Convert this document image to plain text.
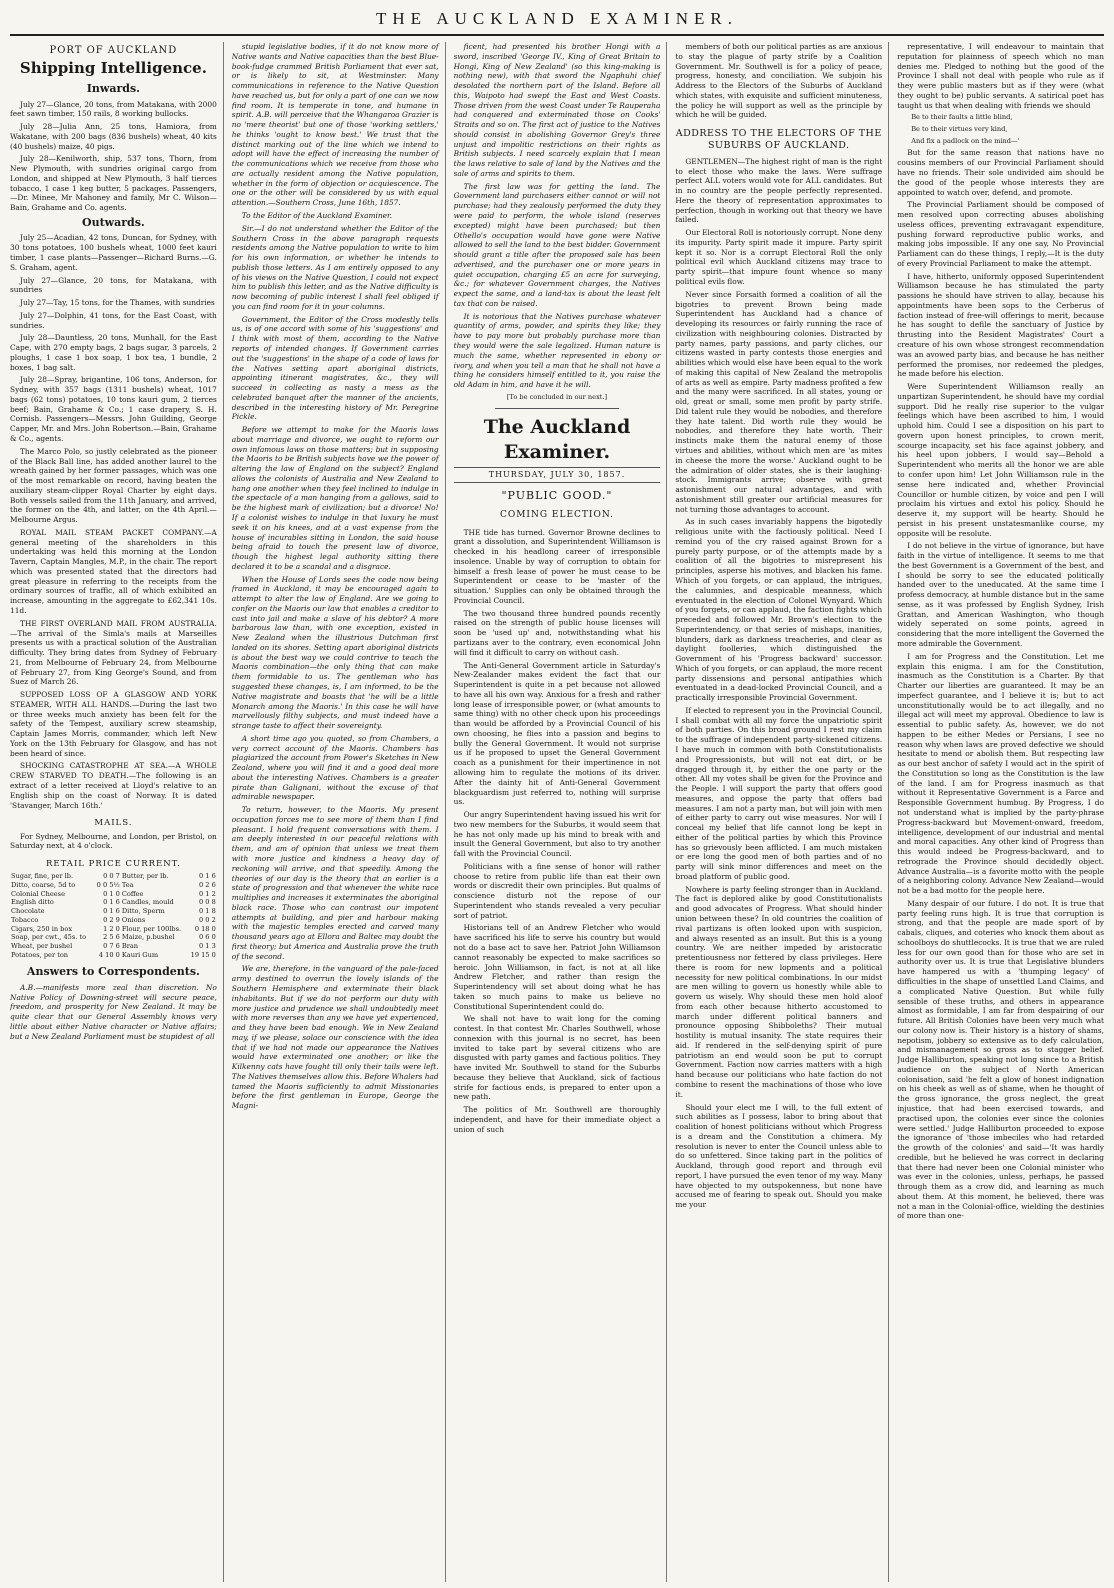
THE AUCKLAND EXAMINER.
PORT OF AUCKLAND
Shipping Intelligence.
Inwards.

July 27—Glance, 20 tons, from Matakana, with 2000 feet sawn timber, 150 rails, 8 working bullocks.

July 28—Julia Ann, 25 tons, Hamiora, from Wakatane, with 200 bags (836 bushels) wheat, 40 kits (40 bushels) maize, 40 pigs.

July 28—Kenilworth, ship, 537 tons, Thorn, from New Plymouth, with sundries original cargo from London, and shipped at New Plymouth, 3 half tierces tobacco, 1 case 1 keg butter, 5 packages. Passengers,—Dr. Minee, Mr Mahoney and family, Mr C. Wilson—Bain, Grahame and Co. agents.

Outwards.

July 25—Acadian, 42 tons, Duncan, for Sydney, with 30 tons potatoes, 100 bushels wheat, 1000 feet kauri timber, 1 case plants—Passenger—Richard Burns.—G. S. Graham, agent.

July 27—Glance, 20 tons, for Matakana, with sundries

July 27—Tay, 15 tons, for the Thames, with sundries

July 27—Dolphin, 41 tons, for the East Coast, with sundries.

July 28—Dauntless, 20 tons, Munhall, for the East Cape, with 270 empty bags, 2 bags sugar, 3 parcels, 2 ploughs, 1 case 1 box soap, 1 box tea, 1 bundle, 2 boxes, 1 bag salt.

July 28—Spray, brigantine, 106 tons, Anderson, for Sydney, with 357 bags (1311 bushels) wheat, 1017 bags (62 tons) potatoes, 10 tons kauri gum, 2 tierces beef; Bain, Grahame & Co.; 1 case drapery, S. H. Cornish. Passengers—Messrs. John Guilding, George Capper, Mr. and Mrs. John Robertson.—Bain, Grahame & Co., agents.

The Marco Polo, so justly celebrated as the pioneer of the Black Ball line, has added another laurel to the wreath gained by her former passages, which was one of the most remarkable on record, having beaten the auxiliary steam-clipper Royal Charter by eight days. Both vessels sailed from the 11th January, and arrived, the former on the 4th, and latter, on the 4th April.—Melbourne Argus.

ROYAL MAIL STEAM PACKET COMPANY.—A general meeting of the shareholders in this undertaking was held this morning at the London Tavern, Captain Mangles, M.P., in the chair. The report which was presented stated that the directors had great pleasure in referring to the receipts from the ordinary sources of traffic, all of which exhibited an increase, amounting in the aggregate to £62,341 10s. 11d.

THE FIRST OVERLAND MAIL FROM AUSTRALIA.—The arrival of the Simla's mails at Marseilles presents us with a practical solution of the Australian difficulty. They bring dates from Sydney of February 21, from Melbourne of February 24, from Melbourne of February 27, from King George's Sound, and from Suez of March 26.

SUPPOSED LOSS OF A GLASGOW AND YORK STEAMER, WITH ALL HANDS.—During the last two or three weeks much anxiety has been felt for the safety of the Tempest, auxiliary screw steamship, Captain James Morris, commander, which left New York on the 13th February for Glasgow, and has not been heard of since.

SHOCKING CATASTROPHE AT SEA.—A WHOLE CREW STARVED TO DEATH.—The following is an extract of a letter received at Lloyd's relative to an English ship on the coast of Norway. It is dated 'Stavanger, March 16th.'

MAILS.

For Sydney, Melbourne, and London, per Bristol, on Saturday next, at 4 o'clock.

RETAIL PRICE CURRENT.
Sugar, fine, per lb.	0 0 7	Butter, per lb.	0 1 6
Ditto, coarse, 5d to	0 0 5½	Tea	0 2 6
Colonial Cheese	0 1 0	Coffee	0 1 2
English ditto	0 1 6	Candles, mould	0 0 8
Chocolate	0 1 6	Ditto, Sperm	0 1 8
Tobacco	0 2 9	Onions	0 0 2
Cigars, 250 in box	1 2 0	Flour, per 100lbs.	0 18 0
Soap, per cwt., 45s. to	2 5 6	Maize, p.bushel	0 6 0
Wheat, per bushel	0 7 6	Bran	0 1 3
Potatoes, per ton	4 10 0	Kauri Gum	19 15 0
Answers to Correspondents.

A.B.—manifests more zeal than discretion. No Native Policy of Downing-street will secure peace, freedom, and prosperity for New Zealand. It may be quite clear that our General Assembly knows very little about either Native character or Native affairs; but a New Zealand Parliament must be stupidest of all

stupid legislative bodies, if it do not know more of Native wants and Native capacities than the best Blue-book-fudge crammed British Parliament that ever sat, or is likely to sit, at Westminster. Many communications in reference to the Native Question have reached us, but for only a part of one can we now find room. It is temperate in tone, and humane in spirit. A.B. will perceive that the Whangaroa Grazier is no 'mere theorist' but one of those 'working settlers,' he thinks 'ought to know best.' We trust that the distinct marking out of the line which we intend to adopt will have the effect of increasing the number of the communications which we receive from those who are actually resident among the Native population, whether in the form of objection or acquiescence. The one or the other will be considered by us with equal attention.—Southern Cross, June 16th, 1857.

To the Editor of the Auckland Examiner.

Sir.—I do not understand whether the Editor of the Southern Cross in the above paragraph requests residents among the Native population to write to him for his own information, or whether he intends to publish those letters. As I am entirely opposed to any of his views on the Native Question, I could not expect him to publish this letter, and as the Native difficulty is now becoming of public interest I shall feel obliged if you can find room for it in your columns.

Government, the Editor of the Cross modestly tells us, is of one accord with some of his 'suggestions' and I think with most of them, according to the Native reports of intended changes. If Government carries out the 'suggestions' in the shape of a code of laws for the Natives setting apart aboriginal districts, appointing itinerant magistrates, &c., they will succeed in collecting as nasty a mess as the celebrated banquet after the manner of the ancients, described in the interesting history of Mr. Peregrine Pickle.

Before we attempt to make for the Maoris laws about marriage and divorce, we ought to reform our own infamous laws on those matters; but in supposing the Maoris to be British subjects have we the power of altering the law of England on the subject? England allows the colonists of Australia and New Zealand to hang one another when they feel inclined to indulge in the spectacle of a man hanging from a gallows, said to be the highest mark of civilization; but a divorce! No! If a colonist wishes to indulge in that luxury he must seek it on his knees, and at a vast expense from the house of incurables sitting in London, the said house being afraid to touch the present law of divorce, though the highest legal authority sitting there declared it to be a scandal and a disgrace.

When the House of Lords sees the code now being framed in Auckland, it may be encouraged again to attempt to alter the law of England. Are we going to confer on the Maoris our law that enables a creditor to cast into jail and make a slave of his debtor? A more barbarous law than, with one exception, existed in New Zealand when the illustrious Dutchman first landed on its shores. Setting apart aboriginal districts is about the best way we could contrive to teach the Maoris combination—the only thing that can make them formidable to us. The gentleman who has suggested these changes, is, I am informed, to be the Native magistrate and boasts that 'he will be a little Monarch among the Maoris.' In this case he will have marvellously filthy subjects, and must indeed have a strange taste to affect their sovereignty.

A short time ago you quoted, so from Chambers, a very correct account of the Maoris. Chambers has plagiarized the account from Power's Sketches in New Zealand, where you will find it and a good deal more about the interesting Natives. Chambers is a greater pirate than Galignani, without the excuse of that admirable newspaper.

To return, however, to the Maoris. My present occupation forces me to see more of them than I find pleasant. I hold frequent conversations with them. I am deeply interested in our peaceful relations with them, and am of opinion that unless we treat them with more justice and kindness a heavy day of reckoning will arrive, and that speedily. Among the theories of our day is the theory that an earlier is a state of progression and that whenever the white race multiplies and increases it exterminates the aboriginal black race. Those who can contrast our impotent attempts at building, and pier and harbour making with the majestic temples erected and carved many thousand years ago at Ellora and Baltec may doubt the first theory; but America and Australia prove the truth of the second.

We are, therefore, in the vanguard of the pale-faced army destined to overrun the lovely islands of the Southern Hemisphere and exterminate their black inhabitants. But if we do not perform our duty with more justice and prudence we shall undoubtedly meet with more reverses than any we have yet experienced, and they have been bad enough. We in New Zealand may, if we please, solace our conscience with the idea that if we had not made our appearance the Natives would have exterminated one another; or like the Kilkenny cats have fought till only their tails were left. The Natives themselves allow this. Before Whalers had tamed the Maoris sufficiently to admit Missionaries before the first gentleman in Europe, George the Magni-

ficent, had presented his brother Hongi with a sword, inscribed 'George IV., King of Great Britain to Hongi, King of New Zealand' (so this king-making is nothing new), with that sword the Ngaphuhi chief desolated the northern part of the Island. Before all this, Waipoto had swept the East and West Coasts. Those driven from the west Coast under Te Rauperaha had conquered and exterminated those on Cooks' Straits and so on. The first act of justice to the Natives should consist in abolishing Governor Grey's three unjust and impolitic restrictions on their rights as British subjects. I need scarcely explain that I mean the laws relative to sale of land by the Natives and the sale of arms and spirits to them.

The first law was for getting the land. The Government land purchasers either cannot or will not purchase; had they zealously performed the duty they were paid to perform, the whole island (reserves excepted) might have been purchased; but then Othello's occupation would have gone were Native allowed to sell the land to the best bidder. Government should grant a title after the proposed sale has been advertised, and the purchaser one or more years in quiet occupation, charging £5 an acre for surveying, &c.; for whatever Government charges, the Natives expect the same, and a land-tax is about the least felt tax that can be raised.

It is notorious that the Natives purchase whatever quantity of arms, powder, and spirits they like; they have to pay more but probably purchase more than they would were the sale legalized. Human nature is much the same, whether represented in ebony or ivory, and when you tell a man that he shall not have a thing he considers himself entitled to it, you raise the old Adam in him, and have it he will.

[To be concluded in our next.]
The Auckland Examiner.
THURSDAY, JULY 30, 1857.
"PUBLIC GOOD."
COMING ELECTION.

THE tide has turned. Governor Browne declines to grant a dissolution, and Superintendent Williamson is checked in his headlong career of irresponsible insolence. Unable by way of corruption to obtain for himself a fresh lease of power he must cease to be Superintendent or cease to be 'master of the situation.' Supplies can only be obtained through the Provincial Council.

The two thousand three hundred pounds recently raised on the strength of public house licenses will soon be 'used up' and, notwithstanding what his partizans aver to the contrary, even economical John will find it difficult to carry on without cash.

The Anti-General Government article in Saturday's New-Zealander makes evident the fact that our Superintendent is quite in a pet because not allowed to have all his own way. Anxious for a fresh and rather long lease of irresponsible power, or (what amounts to same thing) with no other check upon his proceedings than would be afforded by a Provincial Council of his own choosing, he flies into a passion and begins to bully the General Government. It would not surprise us if he proposed to upset the General Government coach as a punishment for their impertinence in not allowing him to regulate the motions of its driver. After the dainty hit of Anti-General Government blackguardism just referred to, nothing will surprise us.

Our angry Superintendent having issued his writ for two new members for the Suburbs, it would seem that he has not only made up his mind to break with and insult the General Government, but also to try another fall with the Provincial Council.

Politicians with a fine sense of honor will rather choose to retire from public life than eat their own words or discredit their own principles. But qualms of conscience disturb not the repose of our Superintendent who stands revealed a very peculiar sort of patriot.

Historians tell of an Andrew Fletcher who would have sacrificed his life to serve his country but would not do a base act to save her. Patriot John Williamson cannot reasonably be expected to make sacrifices so heroic. John Williamson, in fact, is not at all like Andrew Fletcher, and rather than resign the Superintendency will set about doing what he has taken so much pains to make us believe no Constitutional Superintendent could do.

We shall not have to wait long for the coming contest. In that contest Mr. Charles Southwell, whose connexion with this journal is no secret, has been invited to take part by several citizens who are disgusted with party games and factious politics. They have invited Mr. Southwell to stand for the Suburbs because they believe that Auckland, sick of factious strife for factious ends, is prepared to enter upon a new path.

The politics of Mr. Southwell are thoroughly independent, and have for their immediate object a union of such

members of both our political parties as are anxious to stay the plague of party strife by a Coalition Government. Mr. Southwell is for a policy of peace, progress, honesty, and conciliation. We subjoin his Address to the Electors of the Suburbs of Auckland which states, with exquisite and sufficient minuteness, the policy he will support as well as the principle by which he will be guided.

ADDRESS TO THE ELECTORS OF THE SUBURBS OF AUCKLAND.

GENTLEMEN—The highest right of man is the right to elect those who make the laws. Were suffrage perfect ALL voters would vote for ALL candidates. But in no country are the people perfectly represented. Here the theory of representation approximates to perfection, though in working out that theory we have failed.

Our Electoral Roll is notoriously corrupt. None deny its impurity. Party spirit made it impure. Party spirit kept it so. Nor is a corrupt Electoral Roll the only political evil which Auckland citizens may trace to party spirit—that impure fount whence so many political evils flow.

Never since Forsaith formed a coalition of all the bigotries to prevent Brown being made Superintendent has Auckland had a chance of developing its resources or fairly running the race of civilization with neighbouring colonies. Distracted by party names, party passions, and party cliches, our citizens wasted in party contests those energies and abilities which would else have been equal to the work of making this capital of New Zealand the metropolis of arts as well as empire. Party madness profited a few and the many were sacrificed. In all states, young or old, great or small, some men profit by party strife. Did talent rule they would be nobodies, and therefore they hate talent. Did worth rule they would be nobodies, and therefore they hate worth. Their instincts make them the natural enemy of those virtues and abilities, without which men are 'as mites in cheese the more the worse.' Auckland ought to be the admiration of older states, she is their laughing-stock. Immigrants arrive; observe with great astonishment our natural advantages, and with astonishment still greater our artificial measures for not turning those advantages to account.

As in such cases invariably happens the bigotedly religious unite with the factiously political. Need I remind you of the cry raised against Brown for a purely party purpose, or of the attempts made by a coalition of all the bigotries to misrepresent his principles, asperse his motives, and blacken his fame. Which of you forgets, or can applaud, the intrigues, the calumnies, and despicable meanness, which eventuated in the election of Colonel Wynyard. Which of you forgets, or can applaud, the faction fights which preceded and followed Mr. Brown's election to the Superintendency, or that series of mishaps, inanities, blunders, dark as darkness treacheries, and clear as daylight foolleries, which distinguished the Government of his 'Progress backward' successor. Which of you forgets, or can applaud, the more recent party dissensions and personal antipathies which eventuated in a dead-locked Provincial Council, and a practically irresponsible Provincial Government.

If elected to represent you in the Provincial Council, I shall combat with all my force the unpatriotic spirit of both parties. On this broad ground I rest my claim to the suffrage of independent party-sickened citizens. I have much in common with both Constitutionalists and Progressionists, but will not eat dirt, or be dragged through it, by either the one party or the other. All my votes shall be given for the Province and the People. I will support the party that offers good measures, and oppose the party that offers bad measures. I am not a party man, but will join with men of either party to carry out wise measures. Nor will I conceal my belief that life cannot long be kept in either of the political parties by which this Province has so grievously been afflicted. I am much mistaken or ere long the good men of both parties and of no party will sink minor differences and meet on the broad platform of public good.

Nowhere is party feeling stronger than in Auckland. The fact is deplored alike by good Constitutionalists and good advocates of Progress. What should hinder union between these? In old countries the coalition of rival partizans is often looked upon with suspicion, and always resented as an insult. But this is a young country. We are neither impeded by aristocratic pretentiousness nor fettered by class privileges. Here there is room for new lopments and a political necessity for new political combinations. In our midst are men willing to govern us honestly while able to govern us wisely. Why should these men hold aloof from each other because hitherto accustomed to march under different political banners and pronounce opposing Shibboleths? Their mutual hostility is mutual insanity. The state requires their aid. If rendered in the self-denying spirit of pure patriotism an end would soon be put to corrupt Government. Faction now carries matters with a high hand because our politicians who hate faction do not combine to resent the machinations of those who love it.

Should your elect me I will, to the full extent of such abilities as I possess, labor to bring about that coalition of honest politicians without which Progress is a dream and the Constitution a chimera. My resolution is never to enter the Council unless able to do so unfettered. Since taking part in the politics of Auckland, through good report and through evil report, I have pursued the even tenor of my way. Many have objected to my outspokenness, but none have accused me of fearing to speak out. Should you make me your

representative, I will endeavour to maintain that reputation for plainness of speech which no man denies me. Pledged to nothing but the good of the Province I shall not deal with people who rule as if they were public masters but as if they were (what they ought to be) public servants. A satirical poet has taught us that when dealing with friends we should

Be to their faults a little blind,

Be to their virtues very kind,

And fix a padlock on the mind—'

But for the same reason that nations have no cousins members of our Provincial Parliament should have no friends. Their sole undivided aim should be the good of the people whose interests they are appointed to watch over, defend, and promote.

The Provincial Parliament should be composed of men resolved upon correcting abuses abolishing useless offices, preventing extravagant expenditure, pushing forward reproductive public works, and making jobs impossible. If any one say, No Provincial Parliament can do these things, I reply,—It is the duty of every Provincial Parliament to make the attempt.

I have, hitherto, uniformly opposed Superintendent Williamson because he has stimulated the party passions he should have striven to allay, because his appointments have been sops to the Cerberus of faction instead of free-will offerings to merit, because he has sought to defile the sanctuary of Justice by thrusting into the Resident Magistrates' Court a creature of his own whose strongest recommendation was an avowed party bias, and because he has neither performed the promises, nor redeemed the pledges, he made before his election.

Were Superintendent Williamson really an unpartizan Superintendent, he should have my cordial support. Did he really rise superior to the vulgar feelings which have been ascribed to him, I would uphold him. Could I see a disposition on his part to govern upon honest principles, to crown merit, scourge incapacity, set his face against jobbery, and his heel upon jobbers, I would say—Behold a Superintendent who merits all the honor we are able to confer upon him! Let John Williamson rule in the sense here indicated and, whether Provincial Councillor or humble citizen, by voice and pen I will proclaim his virtues and extol his policy. Should he deserve it, my support will be hearty. Should he persist in his present unstatesmanlike course, my opposite will be resolute.

I do not believe in the virtue of ignorance, but have faith in the virtue of intelligence. It seems to me that the best Government is a Government of the best, and I should be sorry to see the educated politically handed over to the uneducated. At the same time I profess democracy, at humble distance but in the same sense, as it was professed by English Sydney, Irish Grattan, and American Washington, who though widely seperated on some points, agreed in considering that the more intelligent the Governed the more admirable the Government.

I am for Progress and the Constitution. Let me explain this enigma. I am for the Constitution, inasmuch as the Constitution is a Charter. By that Charter our liberties are guaranteed. It may be an imperfect guarantee, and I believe it is; but to act unconstitutionally would be to act illegally, and no illegal act will meet my approval. Obedience to law is essential to public safety. As, however, we do not happen to be either Medes or Persians, I see no reason why when laws are proved defective we should hesitate to mend or abolish them. But respecting law as our best anchor of safety I would act in the spirit of the Constitution so long as the Constitution is the law of the land. I am for Progress inasmuch as that without it Representative Government is a Farce and Responsible Government humbug. By Progress, I do not understand what is implied by the party-phrase Progress-backward but Movement-onward, freedom, intelligence, development of our industrial and mental and moral capacities. Any other kind of Progress than this would indeed be Progress-backward, and to retrograde the Province should decidedly object. Advance Australia—is a favorite motto with the people of a neighboring colony. Advance New Zealand—would not be a bad motto for the people here.

Many despair of our future. I do not. It is true that party feeling runs high. It is true that corruption is strong, and that the people are made sport of by cabals, cliques, and coteries who knock them about as schoolboys do shuttlecocks. It is true that we are ruled less for our own good than for those who are set in authority over us. It is true that Legislative blunders have hampered us with a 'thumping legacy' of difficulties in the shape of unsettled Land Claims, and a complicated Native Question. But while fully sensible of these truths, and others in appearance almost as formidable, I am far from despairing of our future. All British Colonies have been very much what our colony now is. Their history is a history of shams, nepotism, jobbery so extensive as to defy calculation, and mismanagement so gross as to stagger belief. Judge Halliburton, speaking not long since to a British audience on the subject of North American colonisation, said 'he felt a glow of honest indignation on his cheek as well as of shame, when he thought of the gross ignorance, the gross neglect, the great injustice, that had been exercised towards, and practised upon, the colonies ever since the colonies were settled.' Judge Halliburton proceeded to expose the ignorance of 'those imbeciles who had retarded the growth of the colonies' and said—'It was hardly credible, but he believed he was correct in declaring that there had never been one Colonial minister who was ever in the colonies, unless, perhaps, he passed through them as a crow did, and learning as much about them. At this moment, he believed, there was not a man in the Colonial-office, wielding the destinies of more than one-
